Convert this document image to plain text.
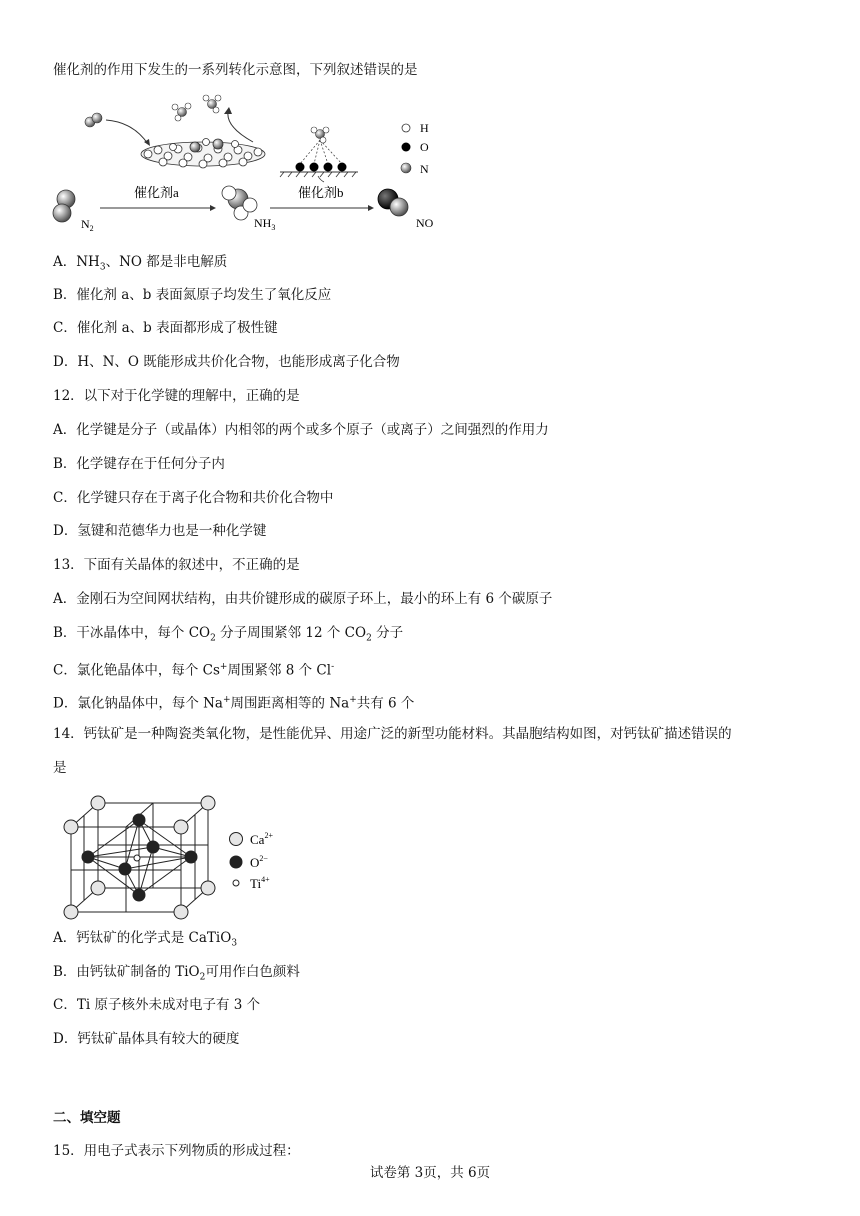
催化剂的作用下发生的一系列转化示意图，下列叙述错误的是
$N_2$
催化剂a
$NH_3$
催化剂b
NO
H
O
N
A．$NH_3$、NO 都是非电解质
B．催化剂 a、b 表面氮原子均发生了氧化反应
C．催化剂 a、b 表面都形成了极性键
D．H、N、O 既能形成共价化合物，也能形成离子化合物
12．以下对于化学键的理解中，正确的是
A．化学键是分子（或晶体）内相邻的两个或多个原子（或离子）之间强烈的作用力
B．化学键存在于任何分子内
C．化学键只存在于离子化合物和共价化合物中
D．氢键和范德华力也是一种化学键
13．下面有关晶体的叙述中，不正确的是
A．金刚石为空间网状结构，由共价键形成的碳原子环上，最小的环上有 6 个碳原子
B．干冰晶体中，每个 $CO_2$ 分子周围紧邻 12 个 $CO_2$ 分子
C．氯化铯晶体中，每个 Cs+周围紧邻 8 个 Cl-
D．氯化钠晶体中，每个 Na+周围距离相等的 Na+共有 6 个
14．钙钛矿是一种陶瓷类氧化物，是性能优异、用途广泛的新型功能材料。其晶胞结构如图，对钙钛矿描述错误的
是
$Ca^{2+}$
$O^{2-}$
$Ti^{4+}$
A．钙钛矿的化学式是 CaTiO$_3$
B．由钙钛矿制备的 TiO$_2$可用作白色颜料
C．Ti 原子核外未成对电子有 3 个
D．钙钛矿晶体具有较大的硬度
二、填空题
15．用电子式表示下列物质的形成过程：
试卷第 3页，共 6页
